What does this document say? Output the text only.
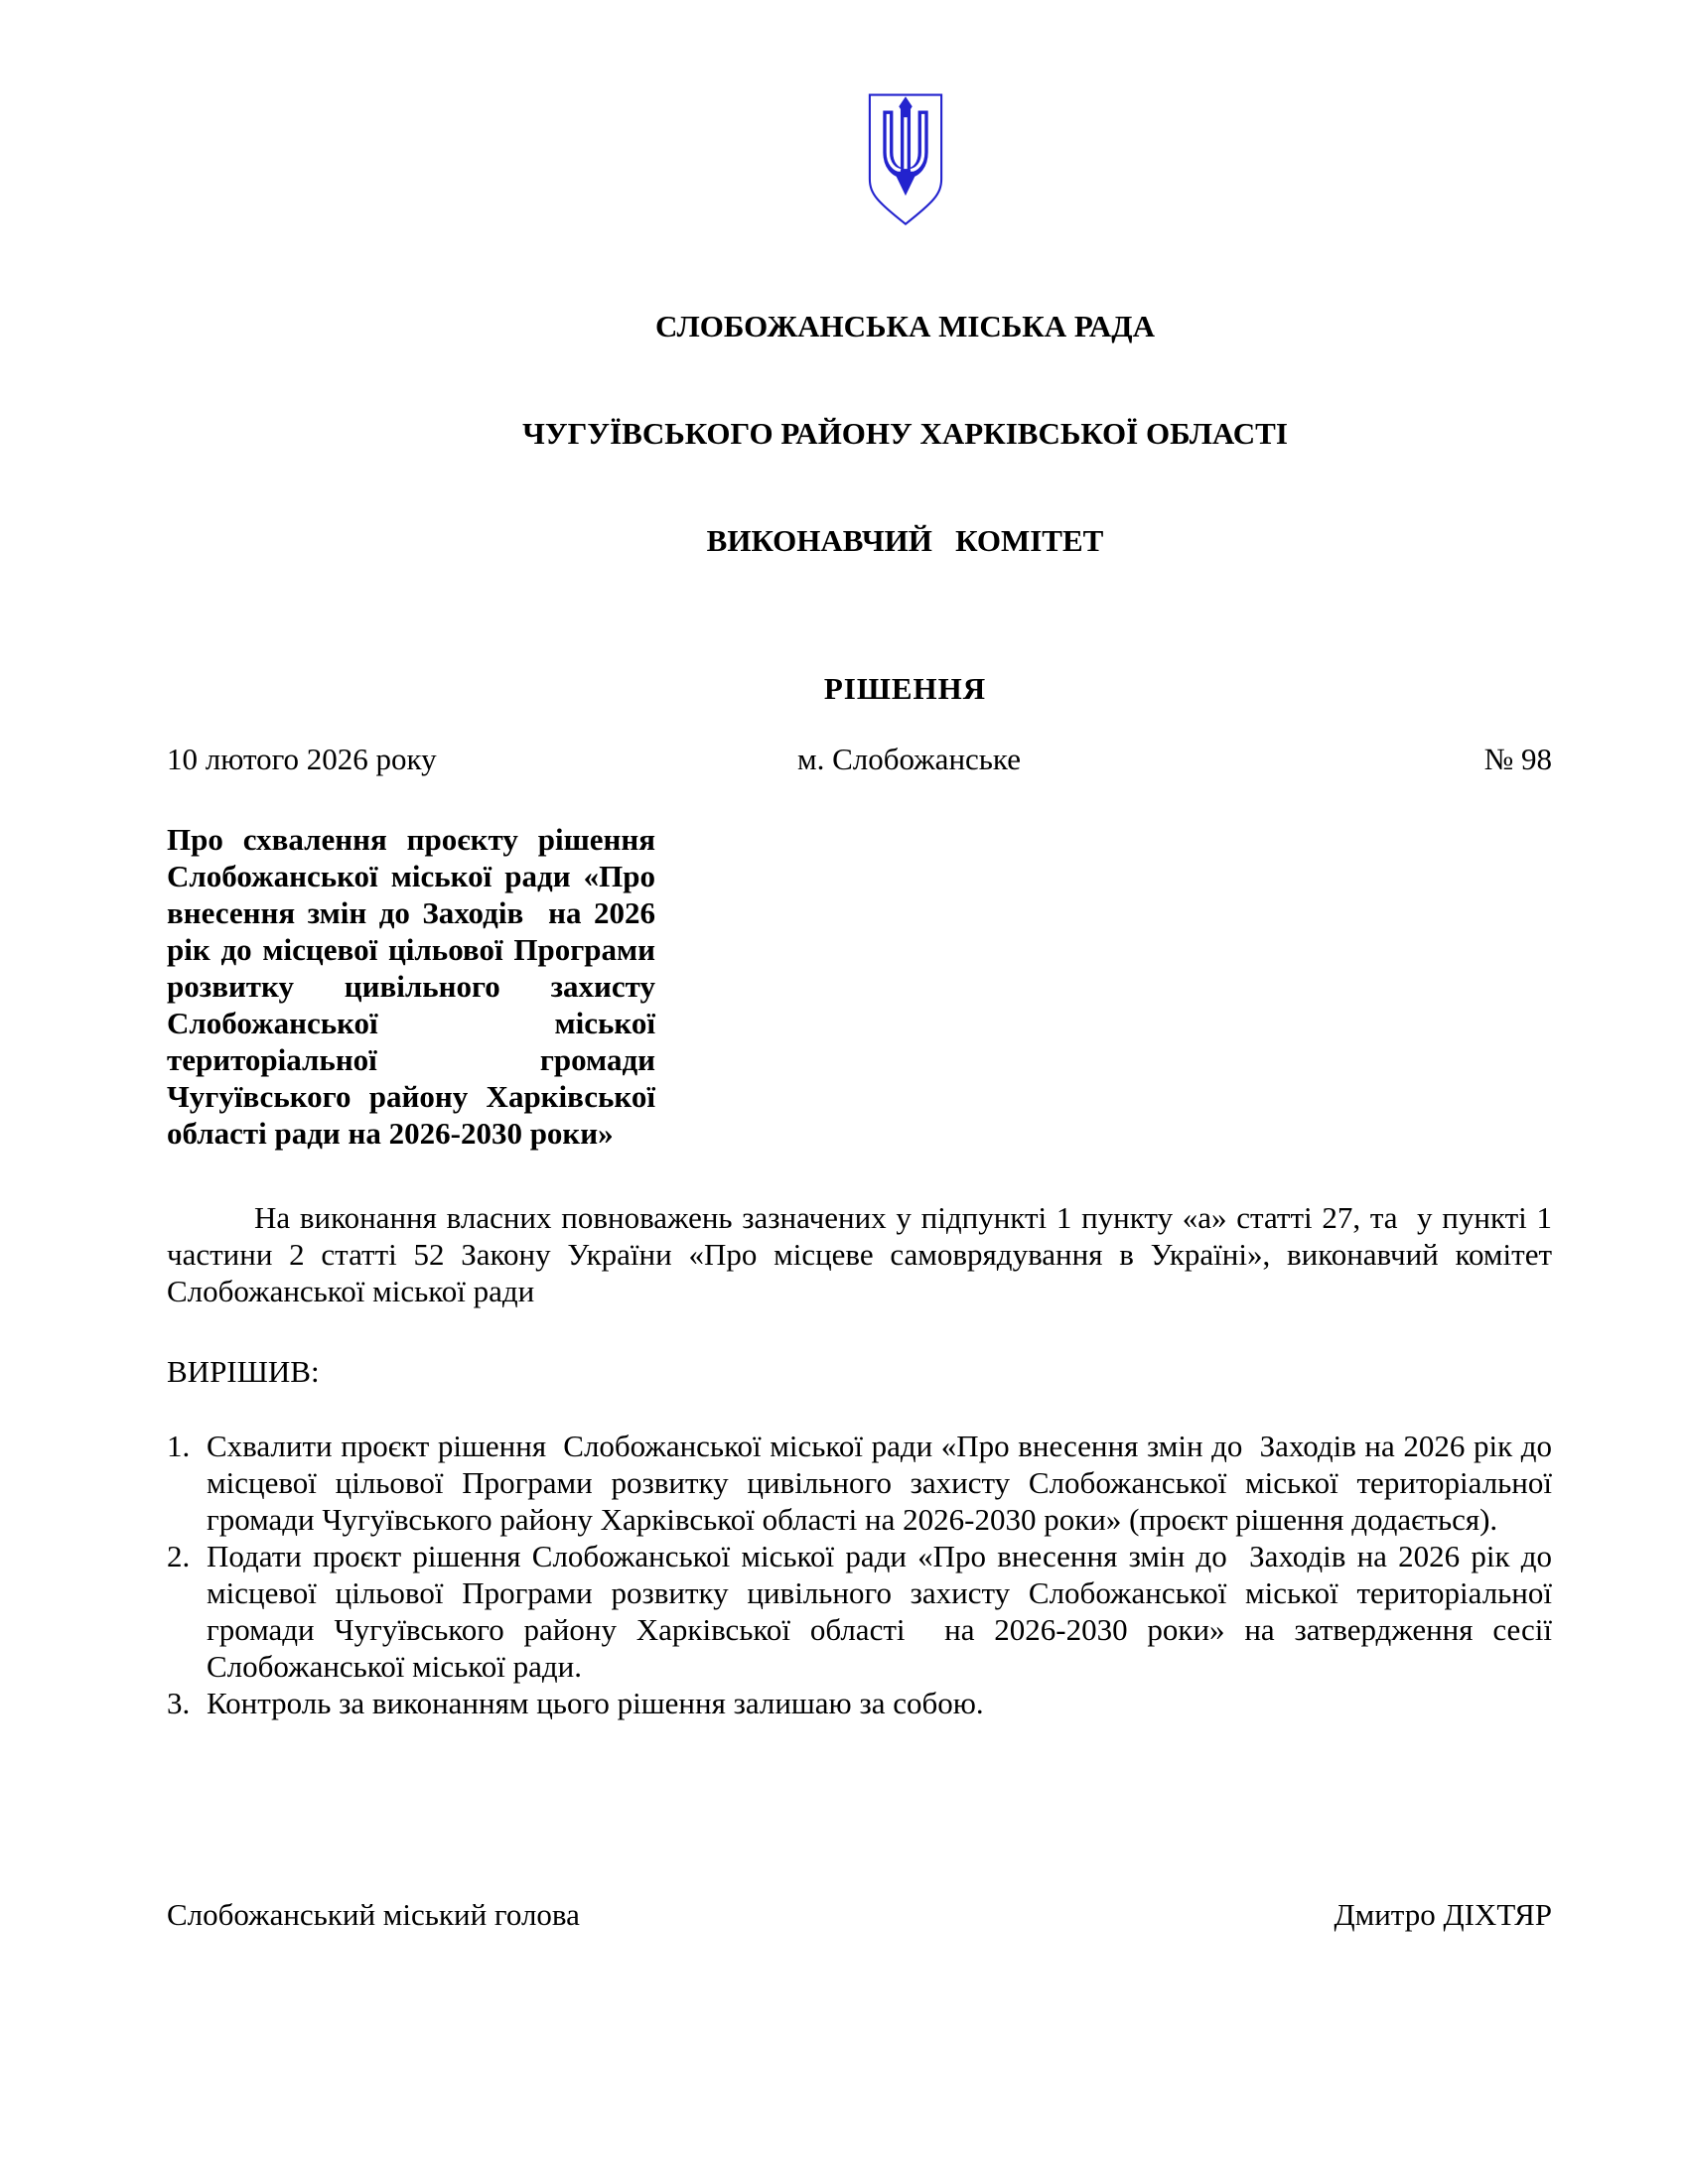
СЛОБОЖАНСЬКА МІСЬКА РАДА

ЧУГУЇВСЬКОГО РАЙОНУ ХАРКІВСЬКОЇ ОБЛАСТІ

ВИКОНАВЧИЙ   КОМІТЕТ

РІШЕННЯ
10 лютого 2026 року	м. Слобожанське	№ 98
Про схвалення проєкту рішення Слобожанської міської ради «Про внесення змін до Заходів  на 2026 рік до місцевої цільової Програми розвитку цивільного захисту Слобожанської міської територіальної громади Чугуївського району Харківської області ради на 2026-2030 роки»
На виконання власних повноважень зазначених у підпункті 1 пункту «а» статті 27, та  у пункті 1 частини 2 статті 52 Закону України «Про місцеве самоврядування в Україні», виконавчий комітет Слобожанської міської ради
ВИРІШИВ:
1. Схвалити проєкт рішення  Слобожанської міської ради «Про внесення змін до  Заходів на 2026 рік до  місцевої цільової Програми розвитку цивільного захисту Слобожанської міської територіальної громади Чугуївського району Харківської області на 2026-2030 роки» (проєкт рішення додається).
2. Подати проєкт рішення Слобожанської міської ради «Про внесення змін до  Заходів на 2026 рік до місцевої цільової Програми розвитку цивільного захисту Слобожанської міської територіальної громади Чугуївського району Харківської області  на 2026-2030 роки» на затвердження сесії Слобожанської міської ради.
3. Контроль за виконанням цього рішення залишаю за собою.
Слобожанський міський голова	Дмитро ДІХТЯР
